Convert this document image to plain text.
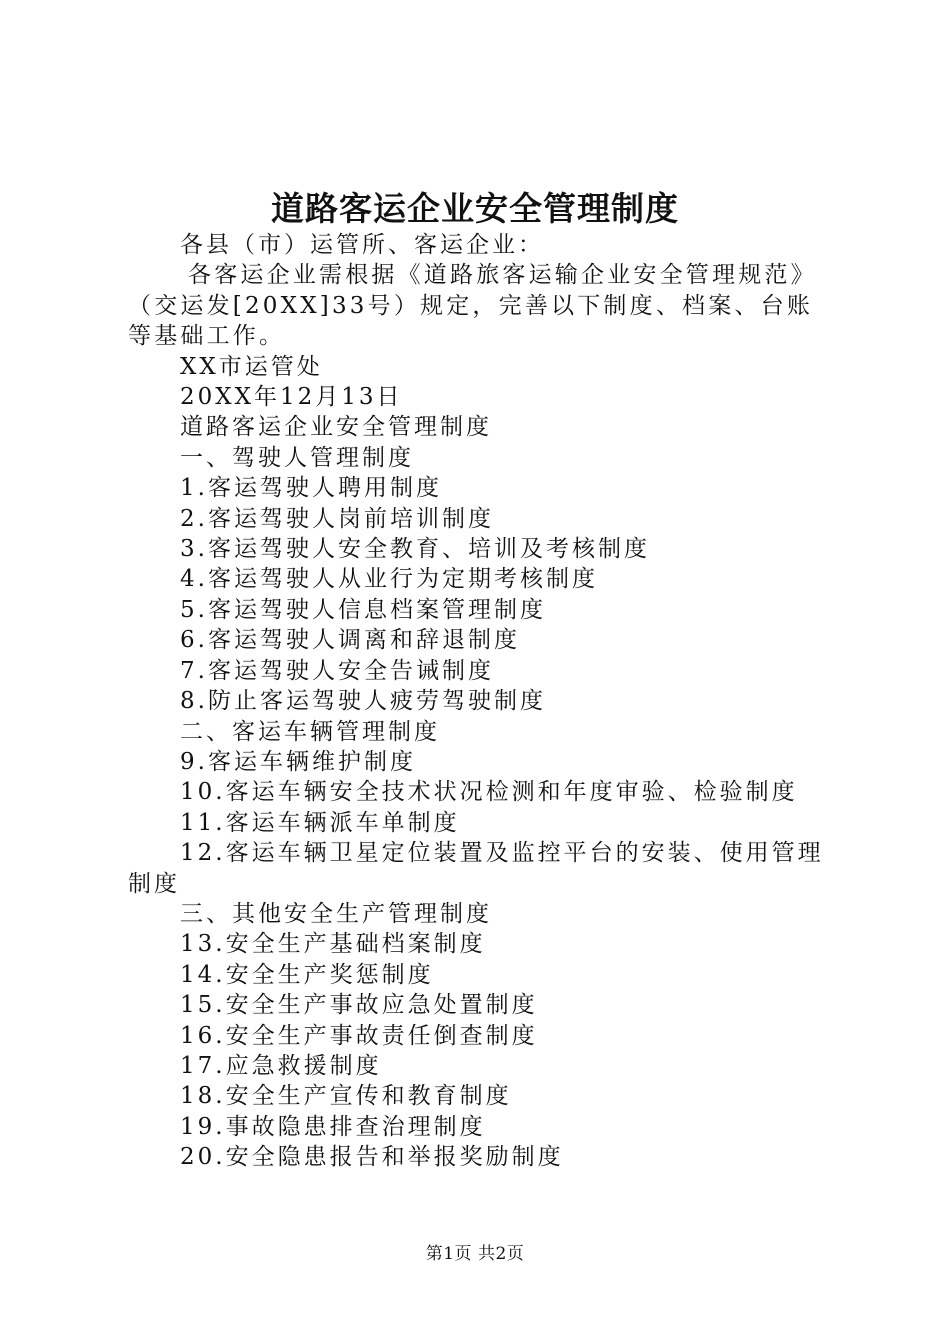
道路客运企业安全管理制度

各县（市）运管所、客运企业：

各客运企业需根据《道路旅客运输企业安全管理规范》（交运发[20XX]33号）规定，完善以下制度、档案、台账等基础工作。

XX市运管处

20XX年12月13日

道路客运企业安全管理制度

一、驾驶人管理制度

1.客运驾驶人聘用制度

2.客运驾驶人岗前培训制度

3.客运驾驶人安全教育、培训及考核制度

4.客运驾驶人从业行为定期考核制度

5.客运驾驶人信息档案管理制度

6.客运驾驶人调离和辞退制度

7.客运驾驶人安全告诫制度

8.防止客运驾驶人疲劳驾驶制度

二、客运车辆管理制度

9.客运车辆维护制度

10.客运车辆安全技术状况检测和年度审验、检验制度

11.客运车辆派车单制度

12.客运车辆卫星定位装置及监控平台的安装、使用管理制度

三、其他安全生产管理制度

13.安全生产基础档案制度

14.安全生产奖惩制度

15.安全生产事故应急处置制度

16.安全生产事故责任倒查制度

17.应急救援制度

18.安全生产宣传和教育制度

19.事故隐患排查治理制度

20.安全隐患报告和举报奖励制度

第1页 共2页
